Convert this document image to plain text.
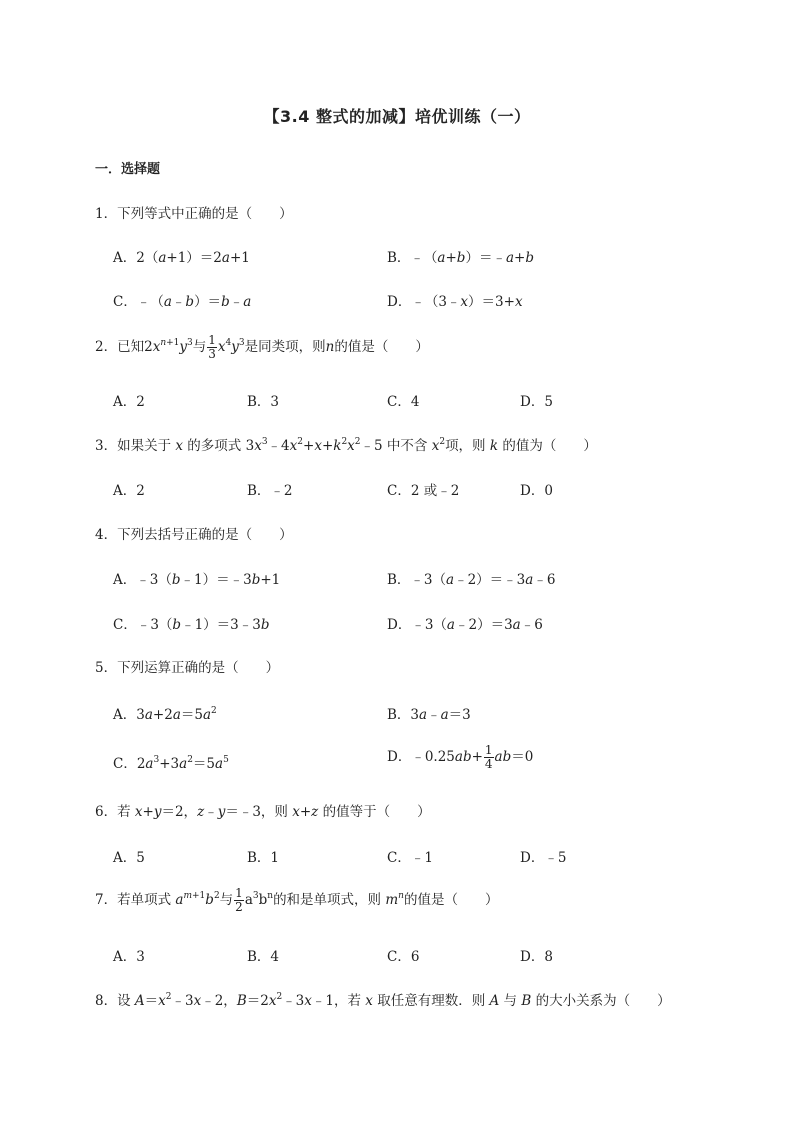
【3.4 整式的加减】培优训练（一）
一．选择题
1．下列等式中正确的是（　　）
A．2（a+1）＝2a+1	B．﹣（a+b）＝﹣a+b
C．﹣（a﹣b）＝b﹣a	D．﹣（3﹣x）＝3+x
2．已知$2x^{n+1}y^3$与 $\frac{1}{3} x^4y^3$是同类项，则n的值是（　　）
A．2	B．3	C．4	D．5
3．如果关于 x 的多项式 $3x^3﹣4x^2+x+k^2x^2﹣5$ 中不含 $x^2$项，则 k 的值为（　　）
A．2	B．﹣2	C．2 或﹣2	D．0
4．下列去括号正确的是（　　）
A．﹣3（b﹣1）＝﹣3b+1	B．﹣3（a﹣2）＝﹣3a﹣6
C．﹣3（b﹣1）＝3﹣3b	D．﹣3（a﹣2）＝3a﹣6
5．下列运算正确的是（　　）
A．$3a+2a=5a^2$	B．3a﹣a＝3
C．$2a^3+3a^2=5a^5$	D．﹣0.25ab+ $\frac{1}{4} ab=0$
6．若 x+y＝2，z﹣y＝﹣3，则 x+z 的值等于（　　）
A．5	B．1	C．﹣1	D．﹣5
7．若单项式 $a^{m+1}b^2$与 $\frac{1}{2} a^3b^n$的和是单项式，则 $m^n$的值是（　　）
A．3	B．4	C．6	D．8
8．设 $A=x^2﹣3x﹣2$，$B=2x^2﹣3x﹣1$，若 x 取任意有理数．则 A 与 B 的大小关系为（　　）
